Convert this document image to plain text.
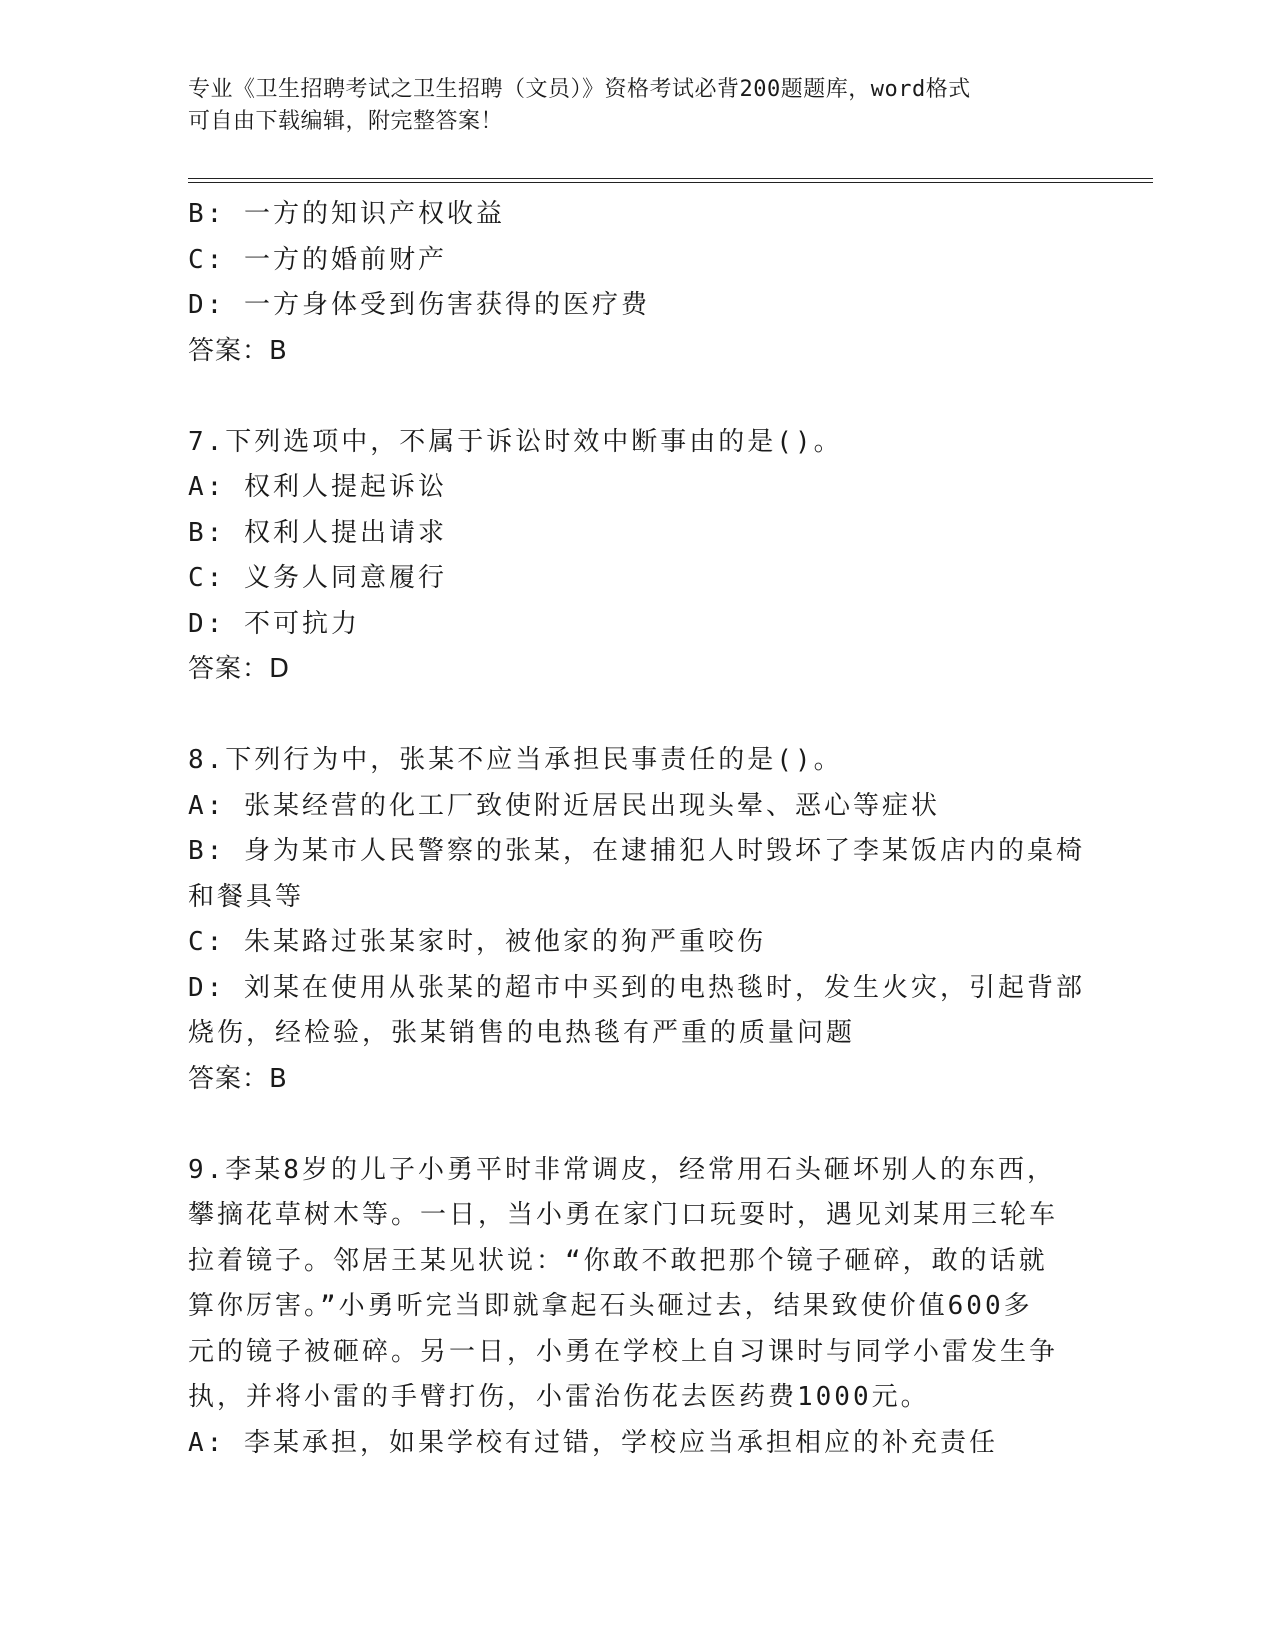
专业《卫生招聘考试之卫生招聘（文员）》资格考试必背200题题库，word格式
可自由下载编辑，附完整答案！
B: 一方的知识产权收益
C: 一方的婚前财产
D: 一方身体受到伤害获得的医疗费
答案：B
7.下列选项中，不属于诉讼时效中断事由的是()。
A: 权利人提起诉讼
B: 权利人提出请求
C: 义务人同意履行
D: 不可抗力
答案：D
8.下列行为中，张某不应当承担民事责任的是()。
A: 张某经营的化工厂致使附近居民出现头晕、恶心等症状
B: 身为某市人民警察的张某，在逮捕犯人时毁坏了李某饭店内的桌椅
和餐具等
C: 朱某路过张某家时，被他家的狗严重咬伤
D: 刘某在使用从张某的超市中买到的电热毯时，发生火灾，引起背部
烧伤，经检验，张某销售的电热毯有严重的质量问题
答案：B
9.李某8岁的儿子小勇平时非常调皮，经常用石头砸坏别人的东西，
攀摘花草树木等。一日，当小勇在家门口玩耍时，遇见刘某用三轮车
拉着镜子。邻居王某见状说：“你敢不敢把那个镜子砸碎，敢的话就
算你厉害。”小勇听完当即就拿起石头砸过去，结果致使价值600多
元的镜子被砸碎。另一日，小勇在学校上自习课时与同学小雷发生争
执，并将小雷的手臂打伤，小雷治伤花去医药费1000元。
A: 李某承担，如果学校有过错，学校应当承担相应的补充责任
